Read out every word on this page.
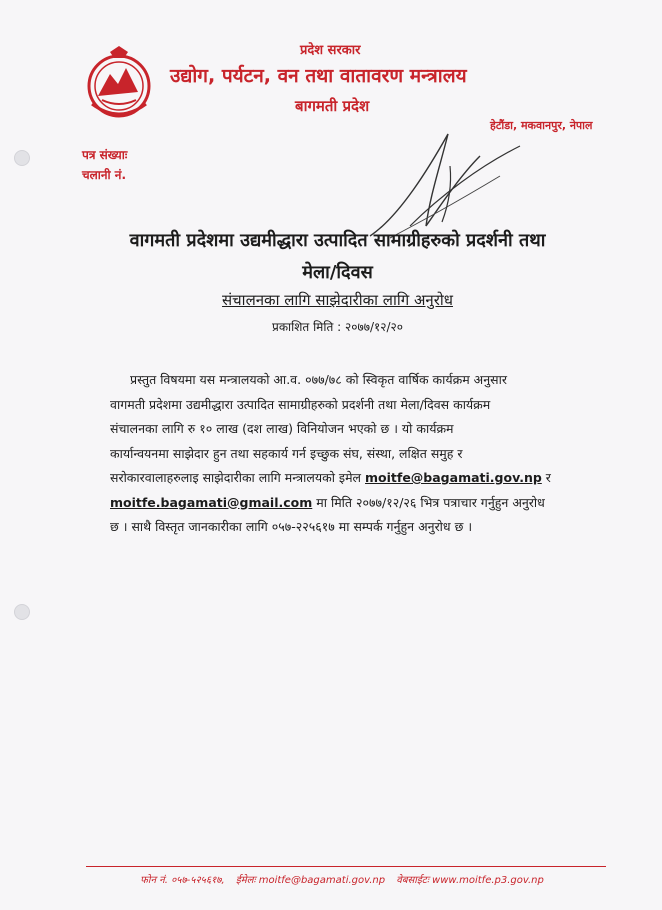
प्रदेश सरकार
उद्योग, पर्यटन, वन तथा वातावरण मन्त्रालय
बागमती प्रदेश
हेटौंडा, मकवानपुर, नेपाल
पत्र संख्याः
चलानी नं.
वागमती प्रदेशमा उद्यमीद्धारा उत्पादित सामाग्रीहरुको प्रदर्शनी तथा
मेला/दिवस
संचालनका लागि साझेदारीका लागि अनुरोध
प्रकाशित मिति : २०७७/१२/२०
प्रस्तुत विषयमा यस मन्त्रालयको आ.व. ०७७/७८ को स्विकृत वार्षिक कार्यक्रम अनुसार
वागमती प्रदेशमा उद्यमीद्धारा उत्पादित सामाग्रीहरुको प्रदर्शनी तथा मेला/दिवस कार्यक्रम
संचालनका लागि रु १० लाख (दश लाख) विनियोजन भएको छ । यो कार्यक्रम
कार्यान्वयनमा साझेदार हुन तथा सहकार्य गर्न इच्छुक संघ, संस्था, लक्षित समुह र
सरोकारवालाहरुलाइ साझेदारीका लागि मन्त्रालयको इमेल moitfe@bagamati.gov.np र
moitfe.bagamati@gmail.com मा मिति २०७७/१२/२६ भित्र पत्राचार गर्नुहुन अनुरोध
छ । साथै विस्तृत जानकारीका लागि ०५७-२२५६१७ मा सम्पर्क गर्नुहुन अनुरोध छ ।
फोन नं. ०५७-५२५६१७, ईमेलः moitfe@bagamati.gov.np वेबसाईटः www.moitfe.p3.gov.np
